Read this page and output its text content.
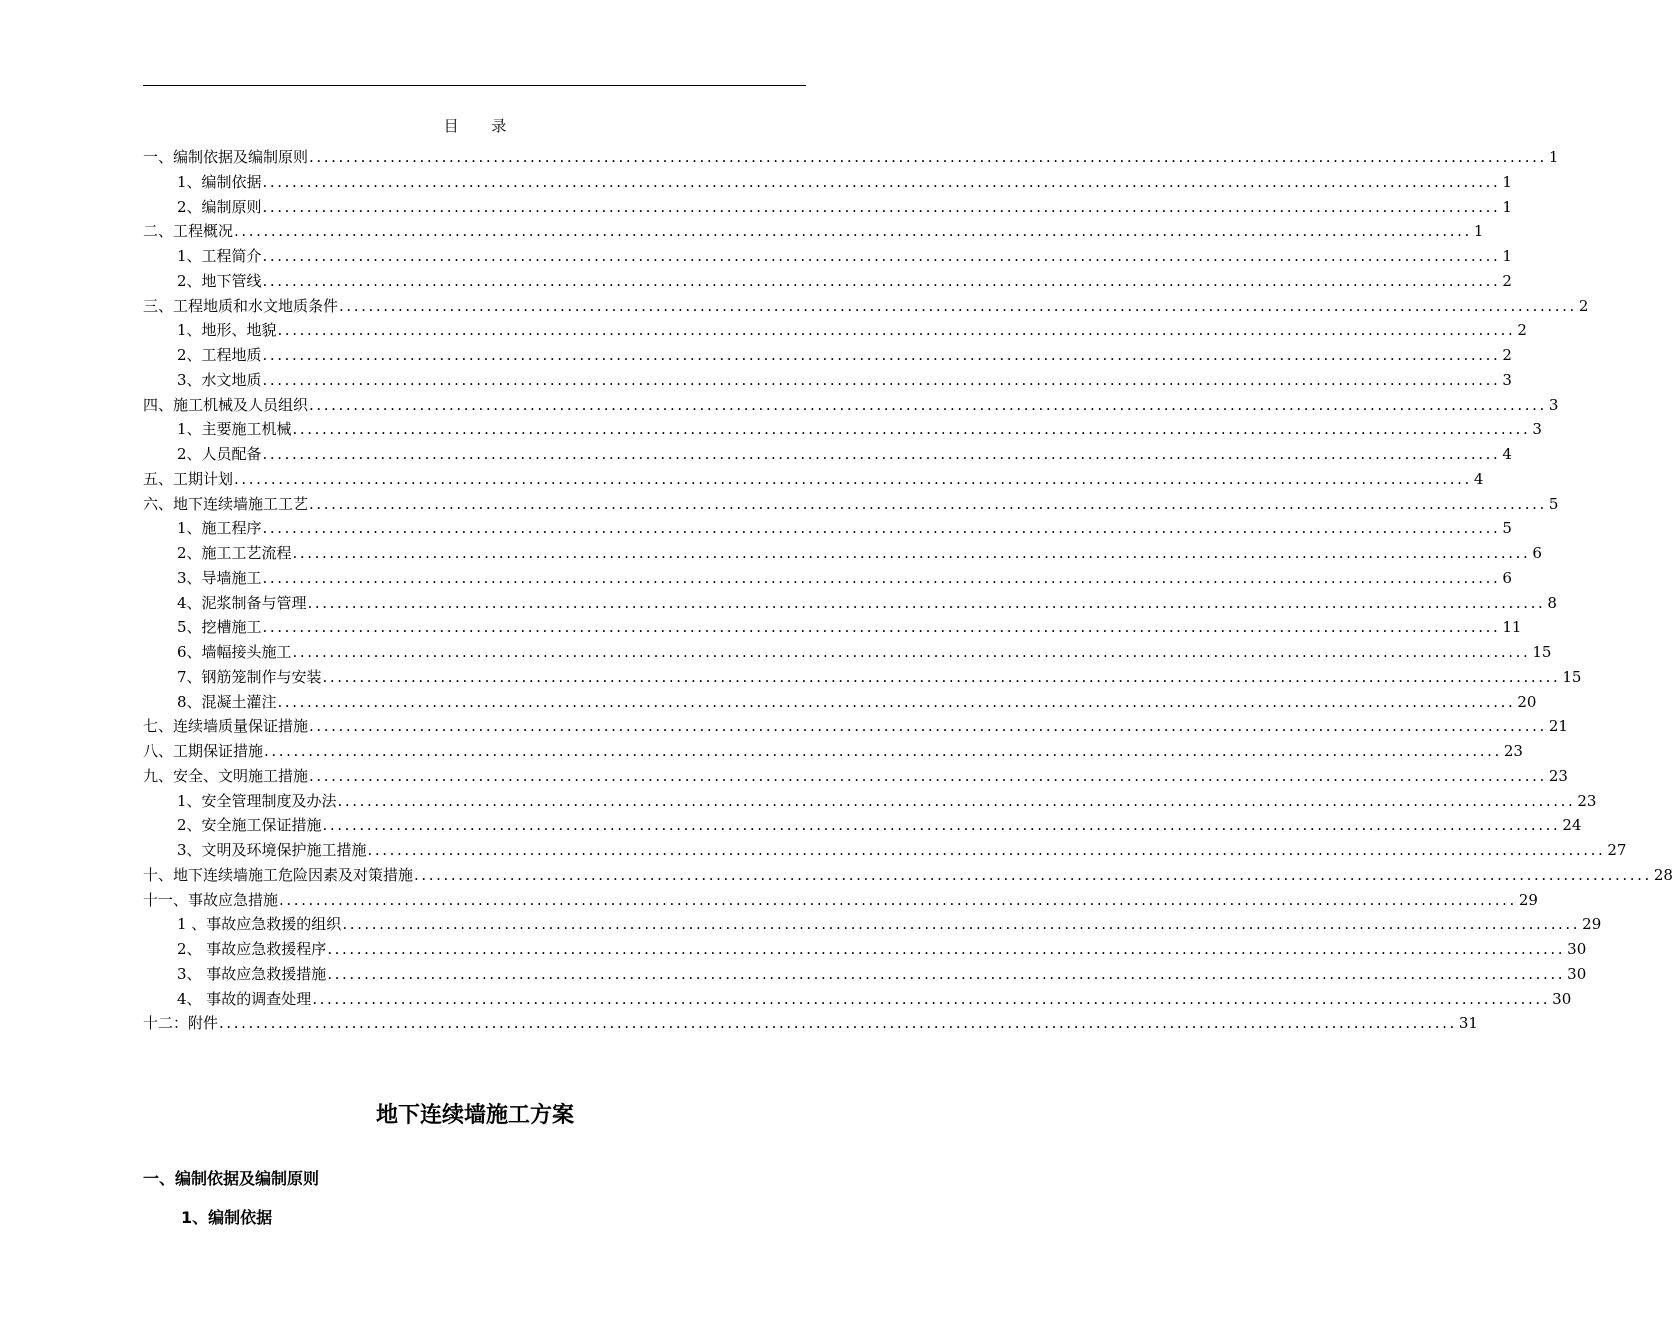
目 录
一、编制依据及编制原则 ........................................................................................................................................................................ 1
1、编制依据 ........................................................................................................................................................................ 1
2、编制原则 ........................................................................................................................................................................ 1
二、工程概况 ........................................................................................................................................................................ 1
1、工程简介 ........................................................................................................................................................................ 1
2、地下管线 ........................................................................................................................................................................ 2
三、工程地质和水文地质条件 ........................................................................................................................................................................ 2
1、地形、地貌 ........................................................................................................................................................................ 2
2、工程地质 ........................................................................................................................................................................ 2
3、水文地质 ........................................................................................................................................................................ 3
四、施工机械及人员组织 ........................................................................................................................................................................ 3
1、主要施工机械 ........................................................................................................................................................................ 3
2、人员配备 ........................................................................................................................................................................ 4
五、工期计划 ........................................................................................................................................................................ 4
六、地下连续墙施工工艺 ........................................................................................................................................................................ 5
1、施工程序 ........................................................................................................................................................................ 5
2、施工工艺流程 ........................................................................................................................................................................ 6
3、导墙施工 ........................................................................................................................................................................ 6
4、泥浆制备与管理 ........................................................................................................................................................................ 8
5、挖槽施工 ........................................................................................................................................................................ 11
6、墙幅接头施工 ........................................................................................................................................................................ 15
7、钢筋笼制作与安装 ........................................................................................................................................................................ 15
8、混凝土灌注 ........................................................................................................................................................................ 20
七、连续墙质量保证措施 ........................................................................................................................................................................ 21
八、工期保证措施 ........................................................................................................................................................................ 23
九、安全、文明施工措施 ........................................................................................................................................................................ 23
1、安全管理制度及办法 ........................................................................................................................................................................ 23
2、安全施工保证措施 ........................................................................................................................................................................ 24
3、文明及环境保护施工措施 ........................................................................................................................................................................ 27
十、地下连续墙施工危险因素及对策措施 ........................................................................................................................................................................ 28
十一、事故应急措施 ........................................................................................................................................................................ 29
1 、事故应急救援的组织 ........................................................................................................................................................................ 29
2、 事故应急救援程序 ........................................................................................................................................................................ 30
3、 事故应急救援措施 ........................................................................................................................................................................ 30
4、 事故的调查处理 ........................................................................................................................................................................ 30
十二：附件 ........................................................................................................................................................................ 31
地下连续墙施工方案
一、编制依据及编制原则
1、编制依据
